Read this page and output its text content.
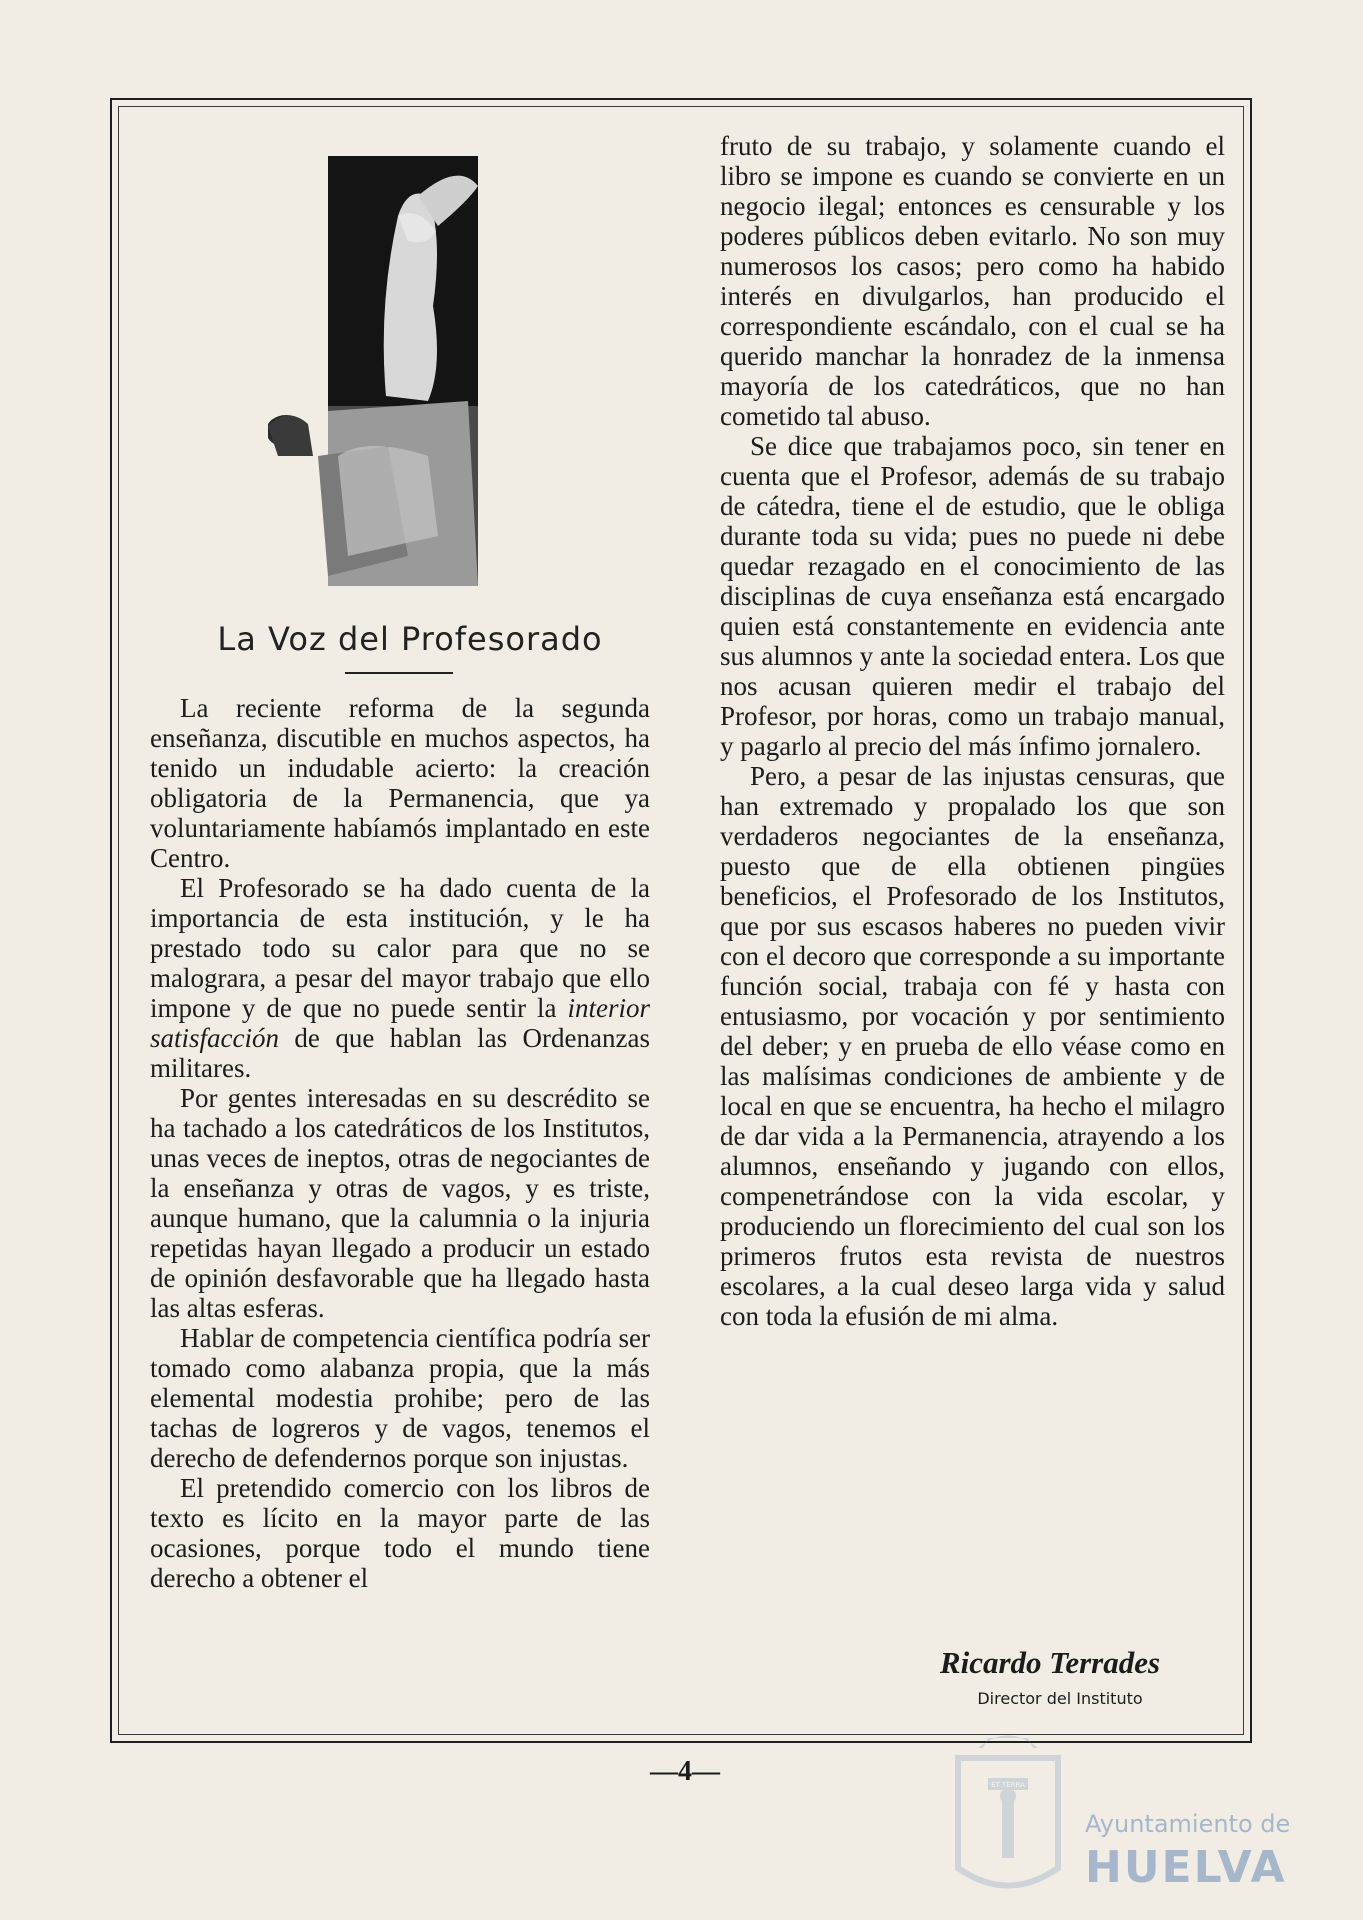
La Voz del Profesorado

La reciente reforma de la segunda enseñanza, discutible en muchos aspectos, ha tenido un indudable acierto: la creación obligatoria de la Permanencia, que ya voluntariamente habíamós implantado en este Centro.

El Profesorado se ha dado cuenta de la importancia de esta institución, y le ha prestado todo su calor para que no se malograra, a pesar del mayor trabajo que ello impone y de que no puede sentir la interior satisfacción de que hablan las Ordenanzas militares.

Por gentes interesadas en su descrédito se ha tachado a los catedráticos de los Institutos, unas veces de ineptos, otras de negociantes de la enseñanza y otras de vagos, y es triste, aunque humano, que la calumnia o la injuria repetidas hayan llegado a producir un estado de opinión desfavorable que ha llegado hasta las altas esferas.

Hablar de competencia científica podría ser tomado como alabanza propia, que la más elemental modestia prohibe; pero de las tachas de logreros y de vagos, tenemos el derecho de defendernos porque son injustas.

El pretendido comercio con los libros de texto es lícito en la mayor parte de las ocasiones, porque todo el mundo tiene derecho a obtener el

fruto de su trabajo, y solamente cuando el libro se impone es cuando se convierte en un negocio ilegal; entonces es censurable y los poderes públicos deben evitarlo. No son muy numerosos los casos; pero como ha habido interés en divulgarlos, han producido el correspondiente escándalo, con el cual se ha querido manchar la honradez de la inmensa mayoría de los catedráticos, que no han cometido tal abuso.

Se dice que trabajamos poco, sin tener en cuenta que el Profesor, además de su trabajo de cátedra, tiene el de estudio, que le obliga durante toda su vida; pues no puede ni debe quedar rezagado en el conocimiento de las disciplinas de cuya enseñanza está encargado quien está constantemente en evidencia ante sus alumnos y ante la sociedad entera. Los que nos acusan quieren medir el trabajo del Profesor, por horas, como un trabajo manual, y pagarlo al precio del más ínfimo jornalero.

Pero, a pesar de las injustas censuras, que han extremado y propalado los que son verdaderos negociantes de la enseñanza, puesto que de ella obtienen pingües beneficios, el Profesorado de los Institutos, que por sus escasos haberes no pueden vivir con el decoro que corresponde a su importante función social, trabaja con fé y hasta con entusiasmo, por vocación y por sentimiento del deber; y en prueba de ello véase como en las malísimas condiciones de ambiente y de local en que se encuentra, ha hecho el milagro de dar vida a la Permanencia, atrayendo a los alumnos, enseñando y jugando con ellos, compenetrándose con la vida escolar, y produciendo un florecimiento del cual son los primeros frutos esta revista de nuestros escolares, a la cual deseo larga vida y salud con toda la efusión de mi alma.

Ricardo Terrades
Director del Instituto
—4—	ET TERRA
Ayuntamiento de
HUELVA
